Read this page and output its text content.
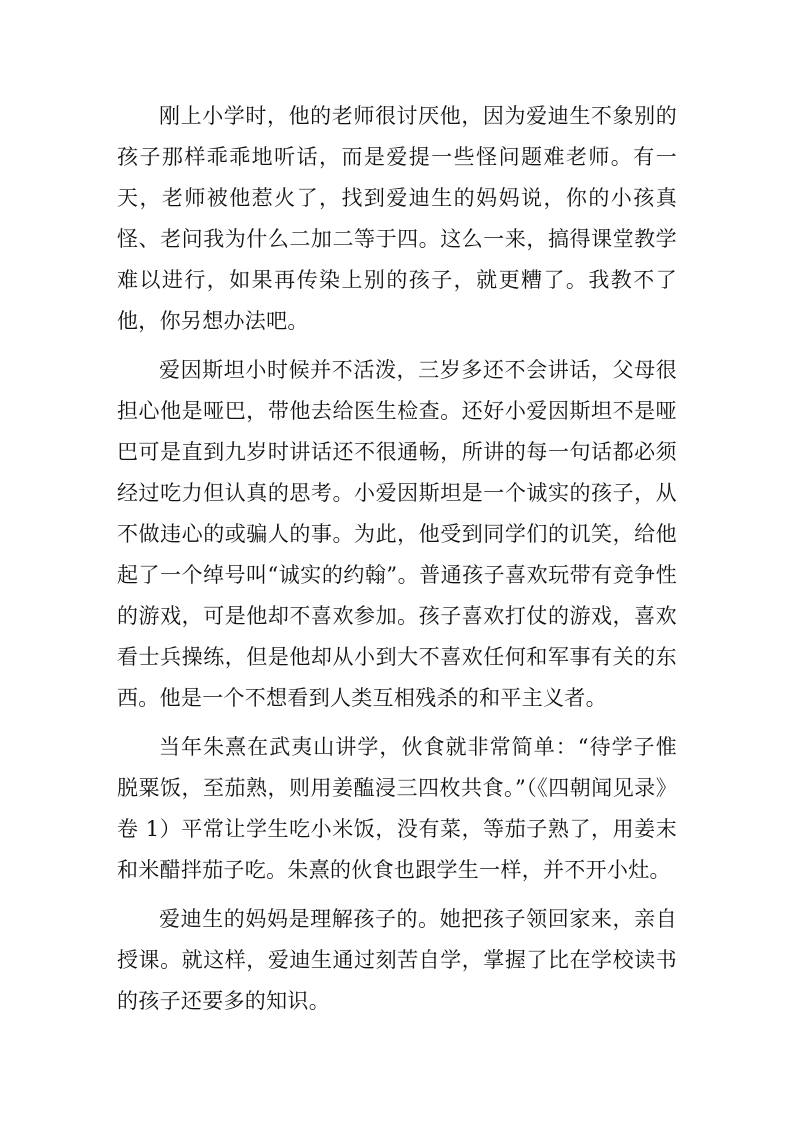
刚上小学时，他的老师很讨厌他，因为爱迪生不象别的孩子那样乖乖地听话，而是爱提一些怪问题难老师。有一天，老师被他惹火了，找到爱迪生的妈妈说，你的小孩真怪、老问我为什么二加二等于四。这么一来，搞得课堂教学难以进行，如果再传染上别的孩子，就更糟了。我教不了他，你另想办法吧。

爱因斯坦小时候并不活泼，三岁多还不会讲话，父母很担心他是哑巴，带他去给医生检查。还好小爱因斯坦不是哑巴可是直到九岁时讲话还不很通畅，所讲的每一句话都必须经过吃力但认真的思考。小爱因斯坦是一个诚实的孩子，从不做违心的或骗人的事。为此，他受到同学们的讥笑，给他起了一个绰号叫“诚实的约翰”。普通孩子喜欢玩带有竞争性的游戏，可是他却不喜欢参加。孩子喜欢打仗的游戏，喜欢看士兵操练，但是他却从小到大不喜欢任何和军事有关的东西。他是一个不想看到人类互相残杀的和平主义者。

当年朱熹在武夷山讲学，伙食就非常简单：“待学子惟脱粟饭，至茄熟，则用姜醢浸三四枚共食。”（《四朝闻见录》卷 1）平常让学生吃小米饭，没有菜，等茄子熟了，用姜末和米醋拌茄子吃。朱熹的伙食也跟学生一样，并不开小灶。

爱迪生的妈妈是理解孩子的。她把孩子领回家来，亲自授课。就这样，爱迪生通过刻苦自学，掌握了比在学校读书的孩子还要多的知识。
